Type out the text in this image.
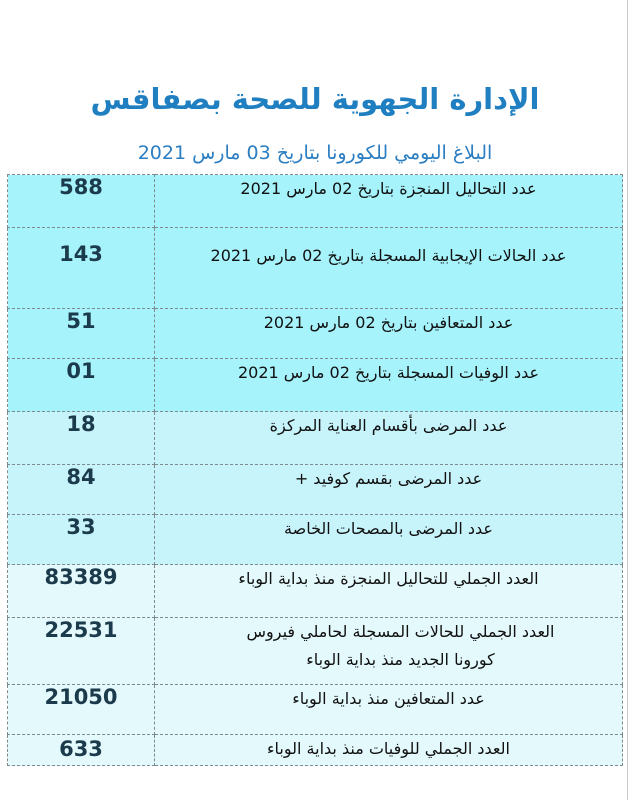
الإدارة الجهوية للصحة بصفاقس
البلاغ اليومي للكورونا بتاريخ 03 مارس 2021
588	عدد التحاليل المنجزة بتاريخ 02 مارس 2021
143	عدد الحالات الإيجابية المسجلة بتاريخ 02 مارس 2021
51	عدد المتعافين بتاريخ 02 مارس 2021
01	عدد الوفيات المسجلة بتاريخ 02 مارس 2021
18	عدد المرضى بأقسام العناية المركزة
84	عدد المرضى بقسم كوفيد +
33	عدد المرضى بالمصحات الخاصة
83389	العدد الجملي للتحاليل المنجزة منذ بداية الوباء
22531	العدد الجملي للحالات المسجلة لحاملي فيروس كورونا الجديد منذ بداية الوباء
21050	عدد المتعافين منذ بداية الوباء
633	العدد الجملي للوفيات منذ بداية الوباء
